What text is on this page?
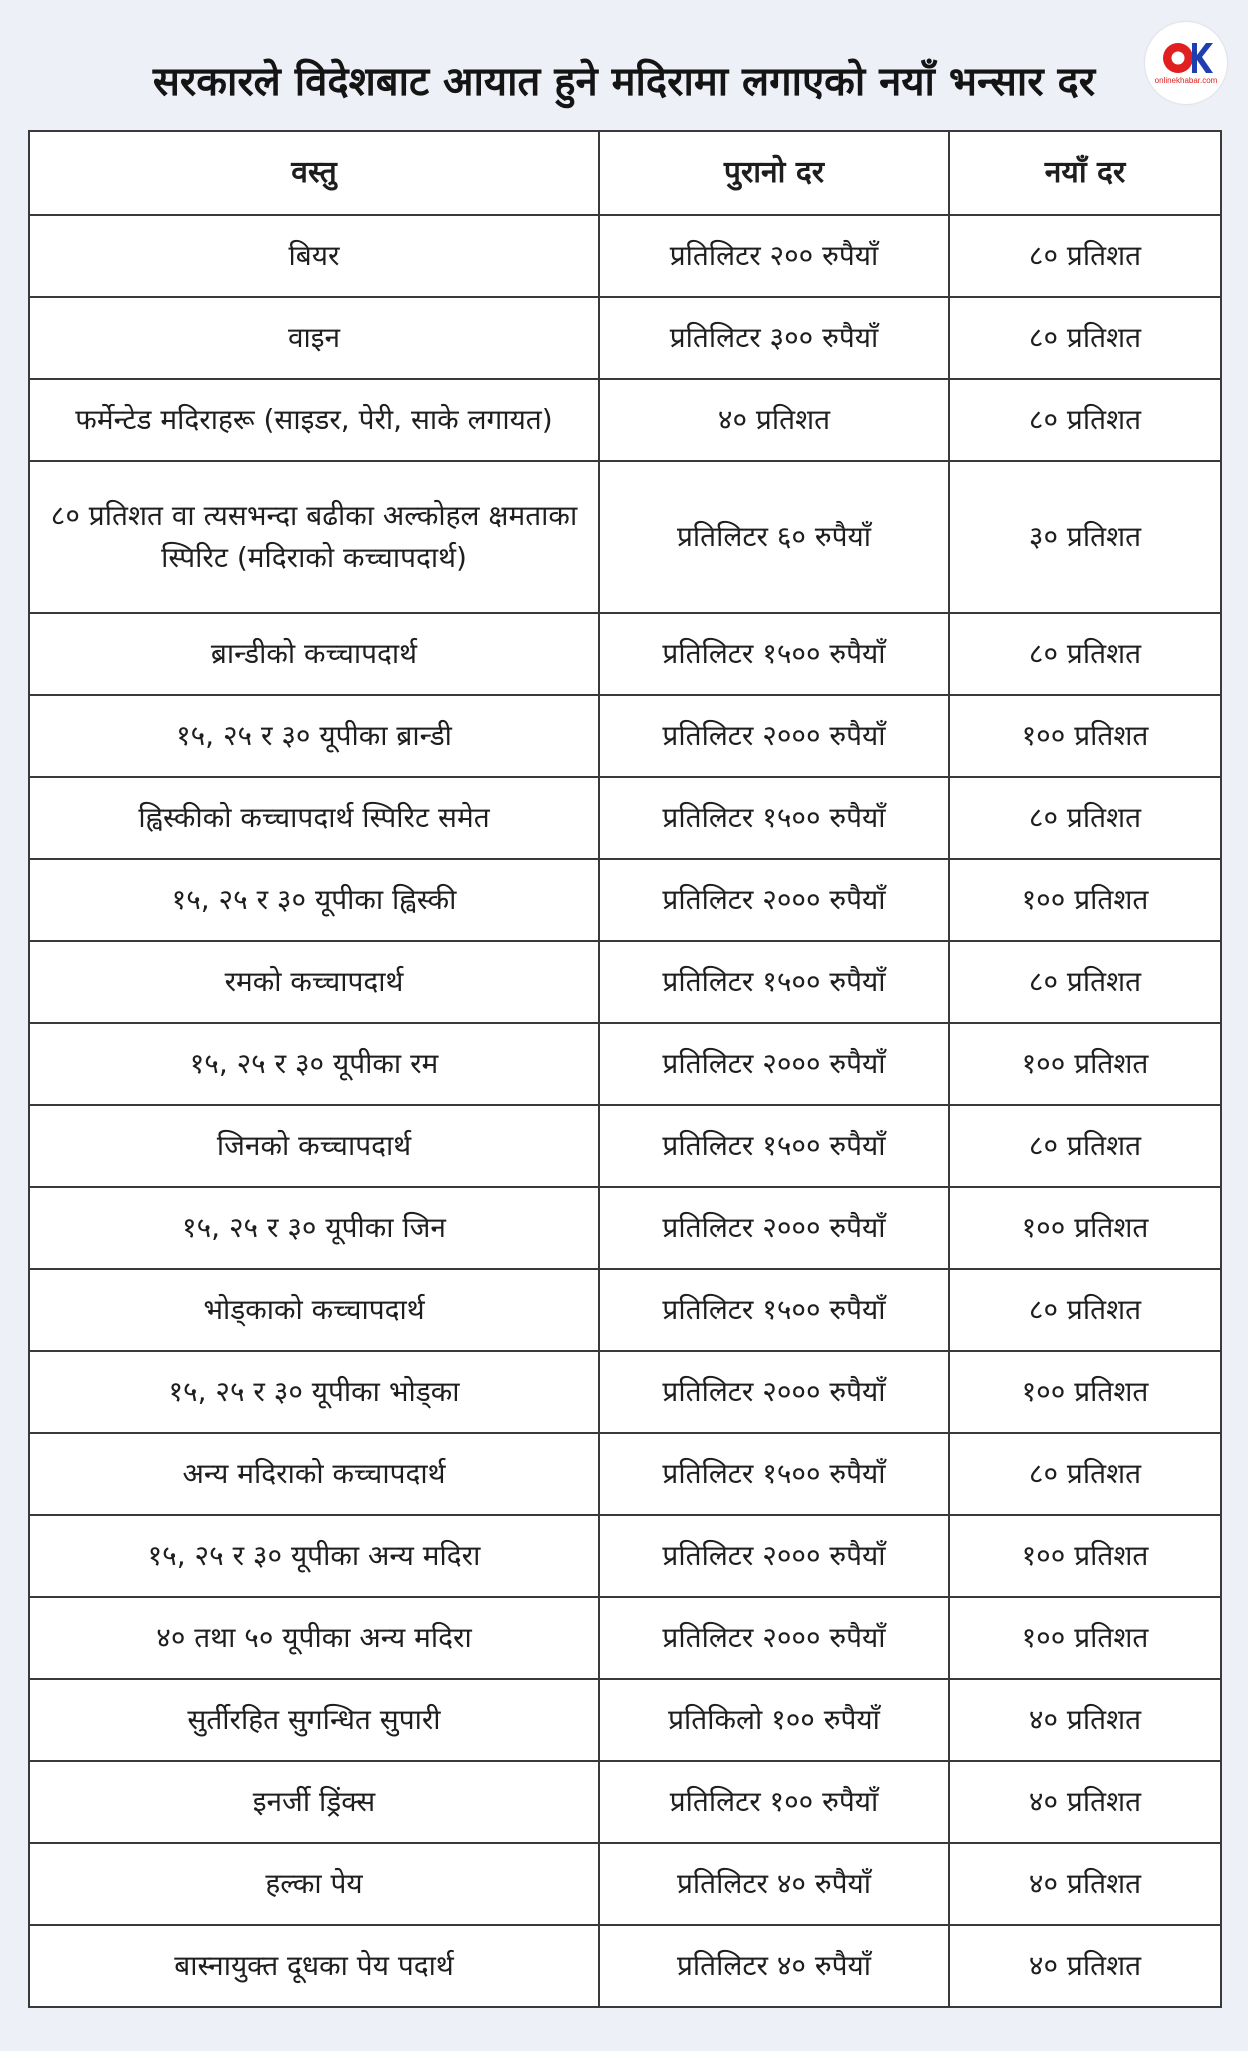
सरकारले विदेशबाट आयात हुने मदिरामा लगाएको नयाँ भन्सार दर	onlinekhabar.com
वस्तु	पुरानो दर	नयाँ दर
बियर	प्रतिलिटर २०० रुपैयाँ	८० प्रतिशत
वाइन	प्रतिलिटर ३०० रुपैयाँ	८० प्रतिशत
फर्मेन्टेड मदिराहरू (साइडर, पेरी, साके लगायत)	४० प्रतिशत	८० प्रतिशत
८० प्रतिशत वा त्यसभन्दा बढीका अल्कोहल क्षमताका स्पिरिट (मदिराको कच्चापदार्थ)	प्रतिलिटर ६० रुपैयाँ	३० प्रतिशत
ब्रान्डीको कच्चापदार्थ	प्रतिलिटर १५०० रुपैयाँ	८० प्रतिशत
१५, २५ र ३० यूपीका ब्रान्डी	प्रतिलिटर २००० रुपैयाँ	१०० प्रतिशत
ह्विस्कीको कच्चापदार्थ स्पिरिट समेत	प्रतिलिटर १५०० रुपैयाँ	८० प्रतिशत
१५, २५ र ३० यूपीका ह्विस्की	प्रतिलिटर २००० रुपैयाँ	१०० प्रतिशत
रमको कच्चापदार्थ	प्रतिलिटर १५०० रुपैयाँ	८० प्रतिशत
१५, २५ र ३० यूपीका रम	प्रतिलिटर २००० रुपैयाँ	१०० प्रतिशत
जिनको कच्चापदार्थ	प्रतिलिटर १५०० रुपैयाँ	८० प्रतिशत
१५, २५ र ३० यूपीका जिन	प्रतिलिटर २००० रुपैयाँ	१०० प्रतिशत
भोड्काको कच्चापदार्थ	प्रतिलिटर १५०० रुपैयाँ	८० प्रतिशत
१५, २५ र ३० यूपीका भोड्का	प्रतिलिटर २००० रुपैयाँ	१०० प्रतिशत
अन्य मदिराको कच्चापदार्थ	प्रतिलिटर १५०० रुपैयाँ	८० प्रतिशत
१५, २५ र ३० यूपीका अन्य मदिरा	प्रतिलिटर २००० रुपैयाँ	१०० प्रतिशत
४० तथा ५० यूपीका अन्य मदिरा	प्रतिलिटर २००० रुपैयाँ	१०० प्रतिशत
सुर्तीरहित सुगन्धित सुपारी	प्रतिकिलो १०० रुपैयाँ	४० प्रतिशत
इनर्जी ड्रिंक्स	प्रतिलिटर १०० रुपैयाँ	४० प्रतिशत
हल्का पेय	प्रतिलिटर ४० रुपैयाँ	४० प्रतिशत
बास्नायुक्त दूधका पेय पदार्थ	प्रतिलिटर ४० रुपैयाँ	४० प्रतिशत
